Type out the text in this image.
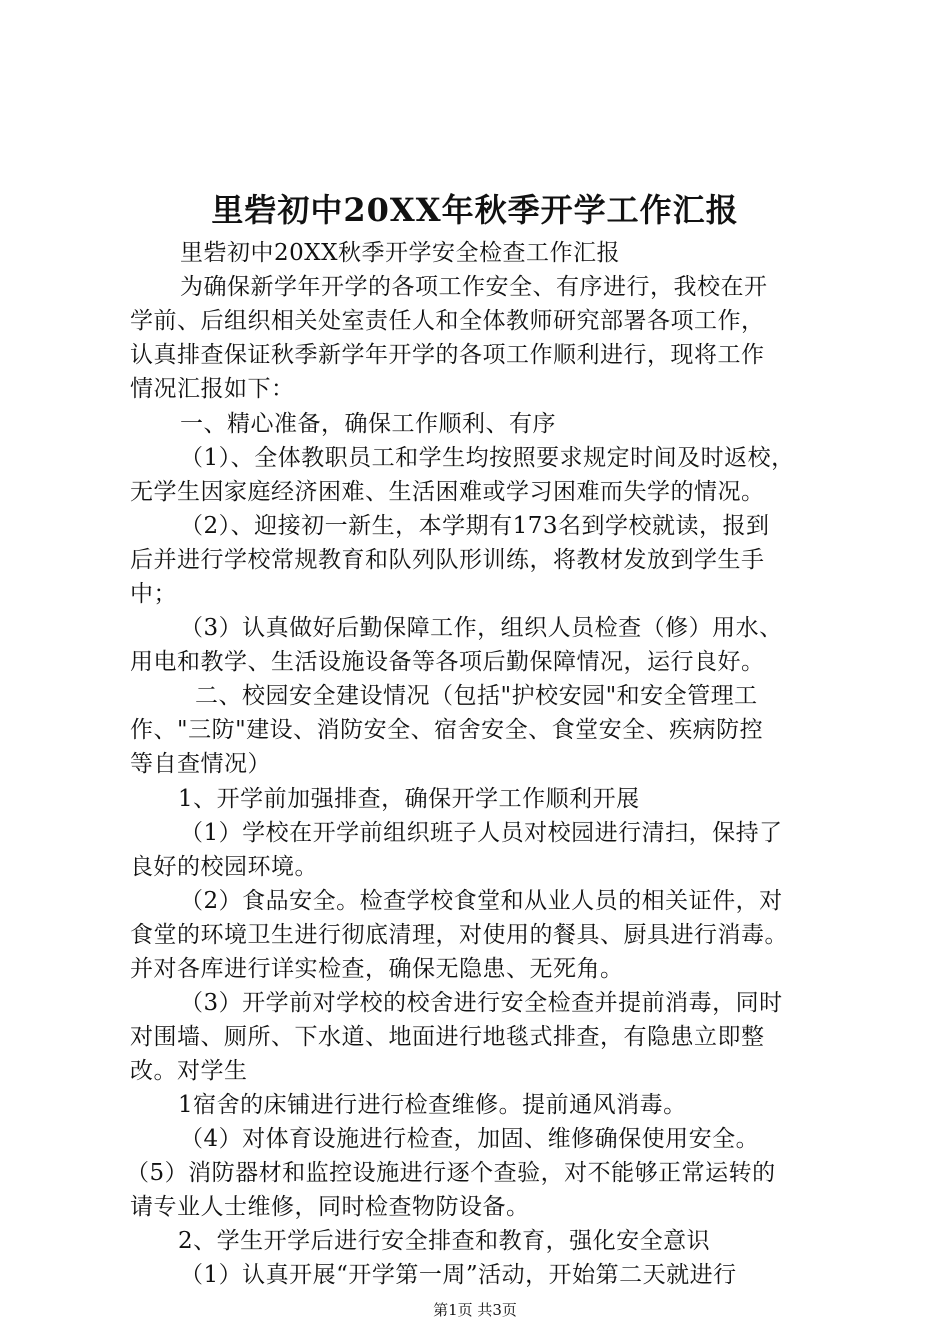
里砦初中20XX年秋季开学工作汇报
里砦初中20XX秋季开学安全检查工作汇报
为确保新学年开学的各项工作安全、有序进行，我校在开
学前、后组织相关处室责任人和全体教师研究部署各项工作，
认真排查保证秋季新学年开学的各项工作顺利进行，现将工作
情况汇报如下：
一、精心准备，确保工作顺利、有序
（1）、全体教职员工和学生均按照要求规定时间及时返校，
无学生因家庭经济困难、生活困难或学习困难而失学的情况。
（2）、迎接初一新生，本学期有173名到学校就读，报到
后并进行学校常规教育和队列队形训练，将教材发放到学生手
中；
（3）认真做好后勤保障工作，组织人员检查（修）用水、
用电和教学、生活设施设备等各项后勤保障情况，运行良好。
二、校园安全建设情况（包括"护校安园"和安全管理工
作、"三防"建设、消防安全、宿舍安全、食堂安全、疾病防控
等自查情况）
1、开学前加强排查，确保开学工作顺利开展
（1）学校在开学前组织班子人员对校园进行清扫，保持了
良好的校园环境。
（2）食品安全。检查学校食堂和从业人员的相关证件，对
食堂的环境卫生进行彻底清理，对使用的餐具、厨具进行消毒。
并对各库进行详实检查，确保无隐患、无死角。
（3）开学前对学校的校舍进行安全检查并提前消毒，同时
对围墙、厕所、下水道、地面进行地毯式排查，有隐患立即整
改。对学生
1宿舍的床铺进行进行检查维修。提前通风消毒。
（4）对体育设施进行检查，加固、维修确保使用安全。
（5）消防器材和监控设施进行逐个查验，对不能够正常运转的
请专业人士维修，同时检查物防设备。
2、学生开学后进行安全排查和教育，强化安全意识
（1）认真开展“开学第一周”活动，开始第二天就进行
第1页 共3页
